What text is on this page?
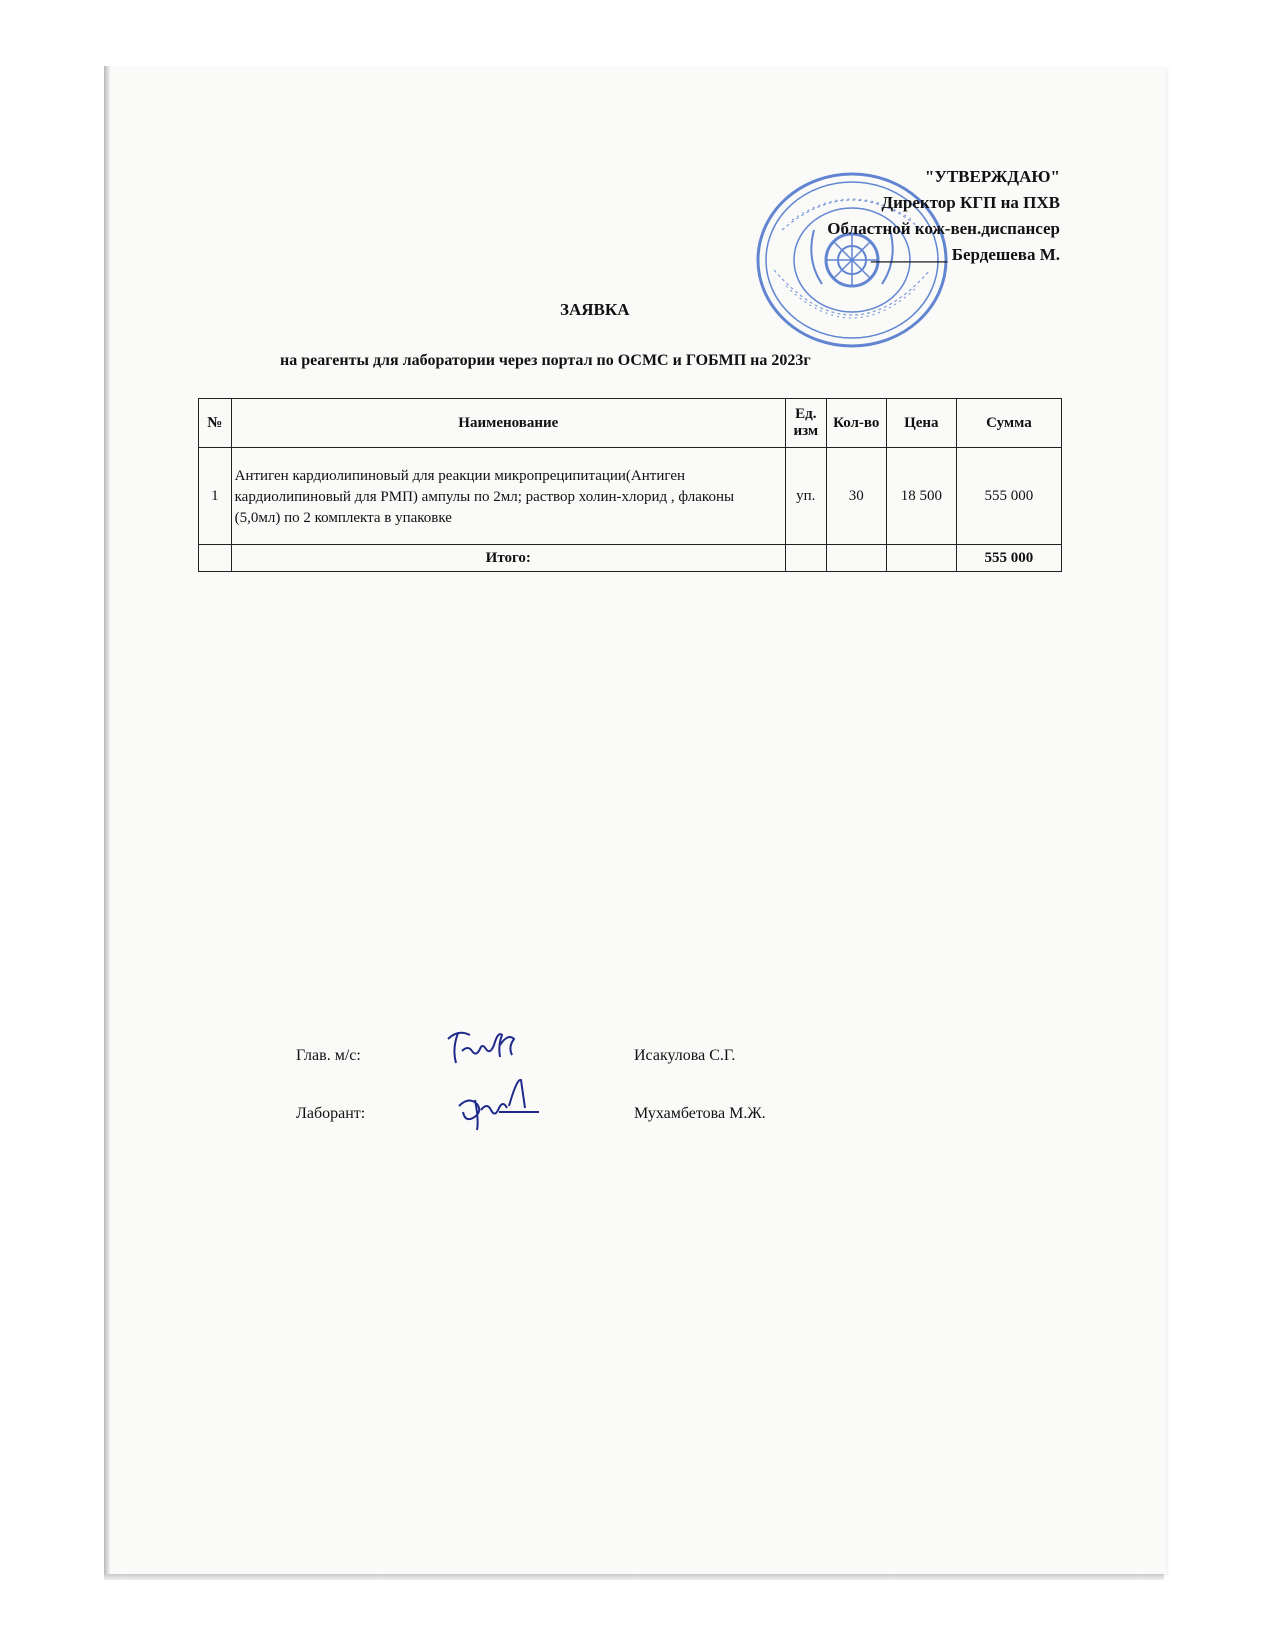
"УТВЕРЖДАЮ"
Директор КГП на ПХВ
Областной кож-вен.диспансер
_________ Бердешева М.
ЗАЯВКА
на реагенты для лаборатории через портал по ОСМС и ГОБМП на 2023г
№	Наименование	Ед. изм	Кол-во	Цена	Сумма
1	Антиген кардиолипиновый для реакции микропреципитации(Антиген кардиолипиновый для РМП) ампулы по 2мл; раствор холин-хлорид , флаконы (5,0мл) по 2 комплекта в упаковке	уп.	30	18 500	555 000
	Итого:				555 000
Глав. м/с:	Исакулова С.Г.
Лаборант:	Мухамбетова М.Ж.
